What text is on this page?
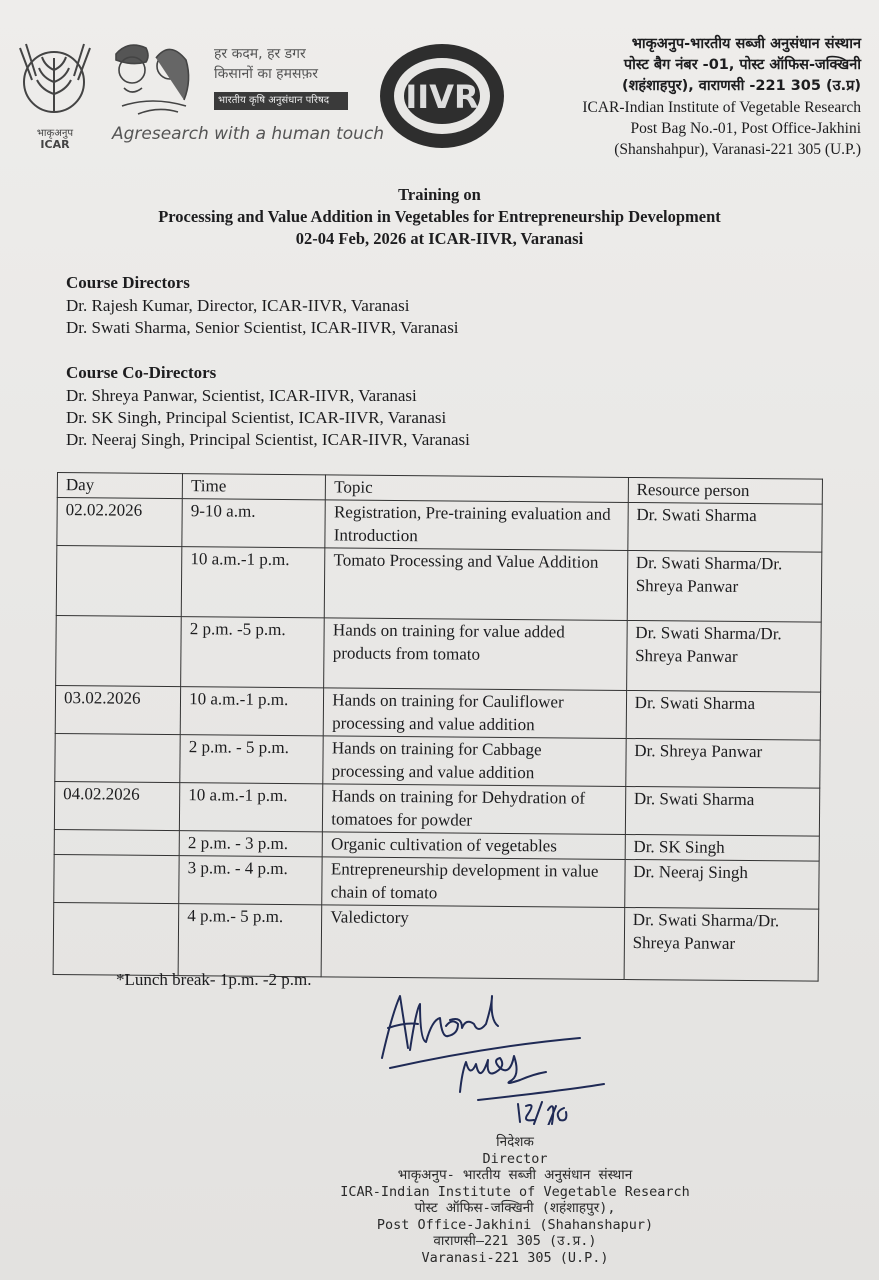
भाकृअनुप
ICAR
हर कदम, हर डगर
किसानों का हमसफ़र
भारतीय कृषि अनुसंधान परिषद
Agresearch with a human touch
IIVR
भाकृअनुप-भारतीय सब्जी अनुसंधान संस्थान
पोस्ट बैग नंबर -01, पोस्ट ऑफिस-जक्खिनी
(शहंशाहपुर), वाराणसी -221 305 (उ.प्र)
ICAR-Indian Institute of Vegetable Research
Post Bag No.-01, Post Office-Jakhini
(Shanshahpur), Varanasi-221 305 (U.P.)
Training on
Processing and Value Addition in Vegetables for Entrepreneurship Development
02-04 Feb, 2026 at ICAR-IIVR, Varanasi
Course Directors
Dr. Rajesh Kumar, Director, ICAR-IIVR, Varanasi
Dr. Swati Sharma, Senior Scientist, ICAR-IIVR, Varanasi
Course Co-Directors
Dr. Shreya Panwar, Scientist, ICAR-IIVR, Varanasi
Dr. SK Singh, Principal Scientist, ICAR-IIVR, Varanasi
Dr. Neeraj Singh, Principal Scientist, ICAR-IIVR, Varanasi
Day	Time	Topic	Resource person
02.02.2026	9-10 a.m.	Registration, Pre-training evaluation and Introduction	Dr. Swati Sharma
	10 a.m.-1 p.m.	Tomato Processing and Value Addition	Dr. Swati Sharma/Dr. Shreya Panwar
	2 p.m. -5 p.m.	Hands on training for value added products from tomato	Dr. Swati Sharma/Dr. Shreya Panwar
03.02.2026	10 a.m.-1 p.m.	Hands on training for Cauliflower processing and value addition	Dr. Swati Sharma
	2 p.m. - 5 p.m.	Hands on training for Cabbage processing and value addition	Dr. Shreya Panwar
04.02.2026	10 a.m.-1 p.m.	Hands on training for Dehydration of tomatoes for powder	Dr. Swati Sharma
	2 p.m. - 3 p.m.	Organic cultivation of vegetables	Dr. SK Singh
	3 p.m. - 4 p.m.	Entrepreneurship development in value chain of tomato	Dr. Neeraj Singh
	4 p.m.- 5 p.m.	Valedictory	Dr. Swati Sharma/Dr. Shreya Panwar
*Lunch break- 1p.m. -2 p.m.
निदेशक
Director
भाकृअनुप- भारतीय सब्जी अनुसंधान संस्थान
ICAR-Indian Institute of Vegetable Research
पोस्ट ऑफिस-जक्खिनी (शहंशाहपुर),
Post Office-Jakhini (Shahanshapur)
वाराणसी–221 305 (उ.प्र.)
Varanasi-221 305 (U.P.)
